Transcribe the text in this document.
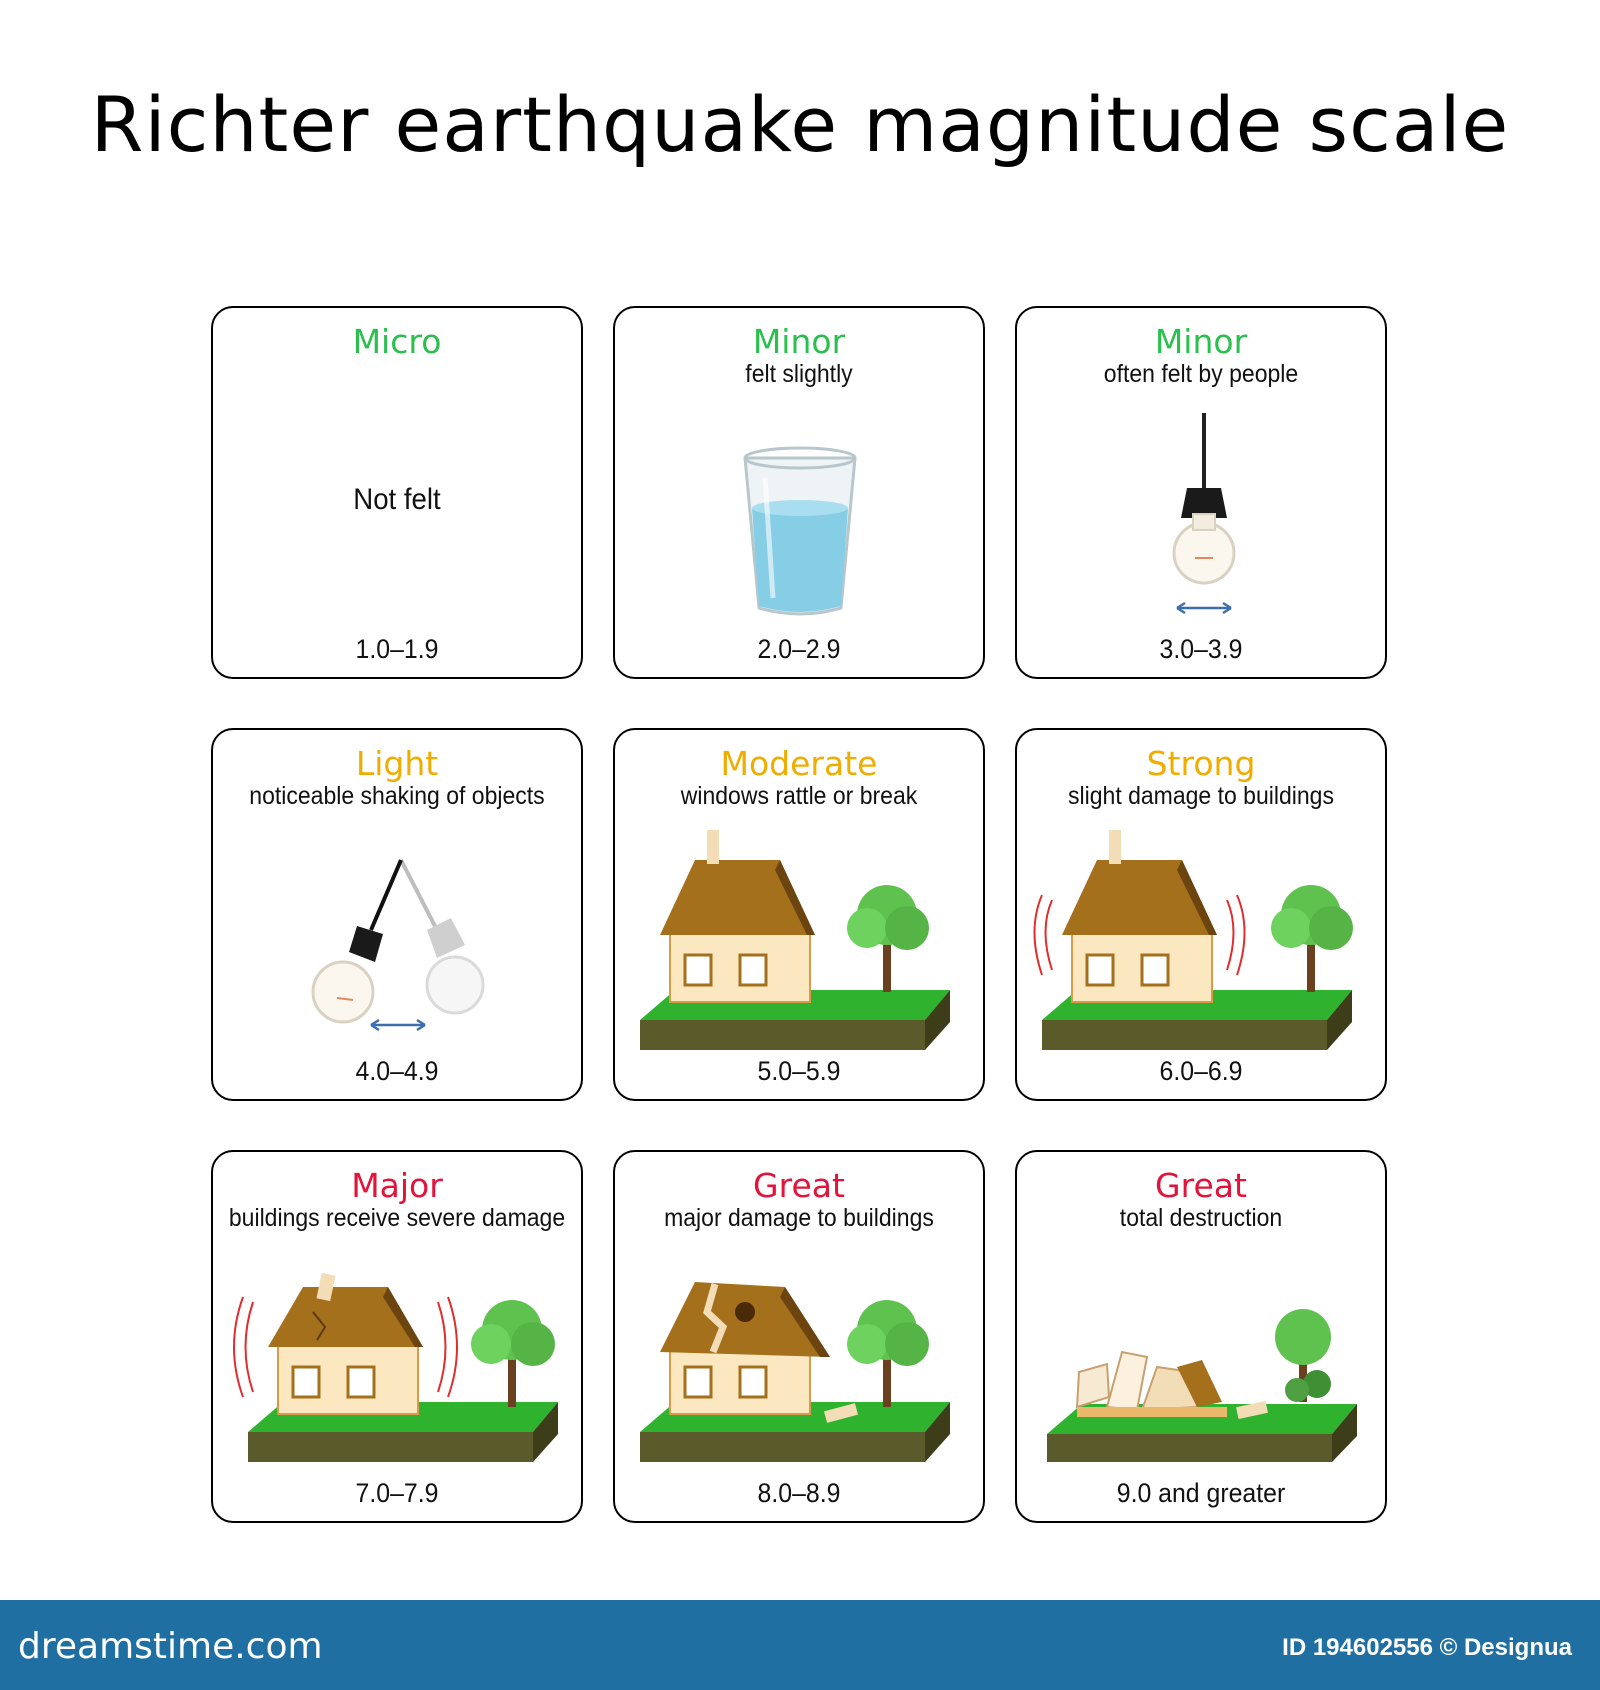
Richter earthquake magnitude scale
Micro
Not felt
1.0–1.9
Minor
felt slightly
2.0–2.9
Minor
often felt by people
3.0–3.9
Light
noticeable shaking of objects
4.0–4.9
Moderate
windows rattle or break
5.0–5.9
Strong
slight damage to buildings
6.0–6.9
Major
buildings receive severe damage
7.0–7.9
Great
major damage to buildings
8.0–8.9
Great
total destruction
9.0 and greater
dreamstime.com	ID 194602556 © Designua
